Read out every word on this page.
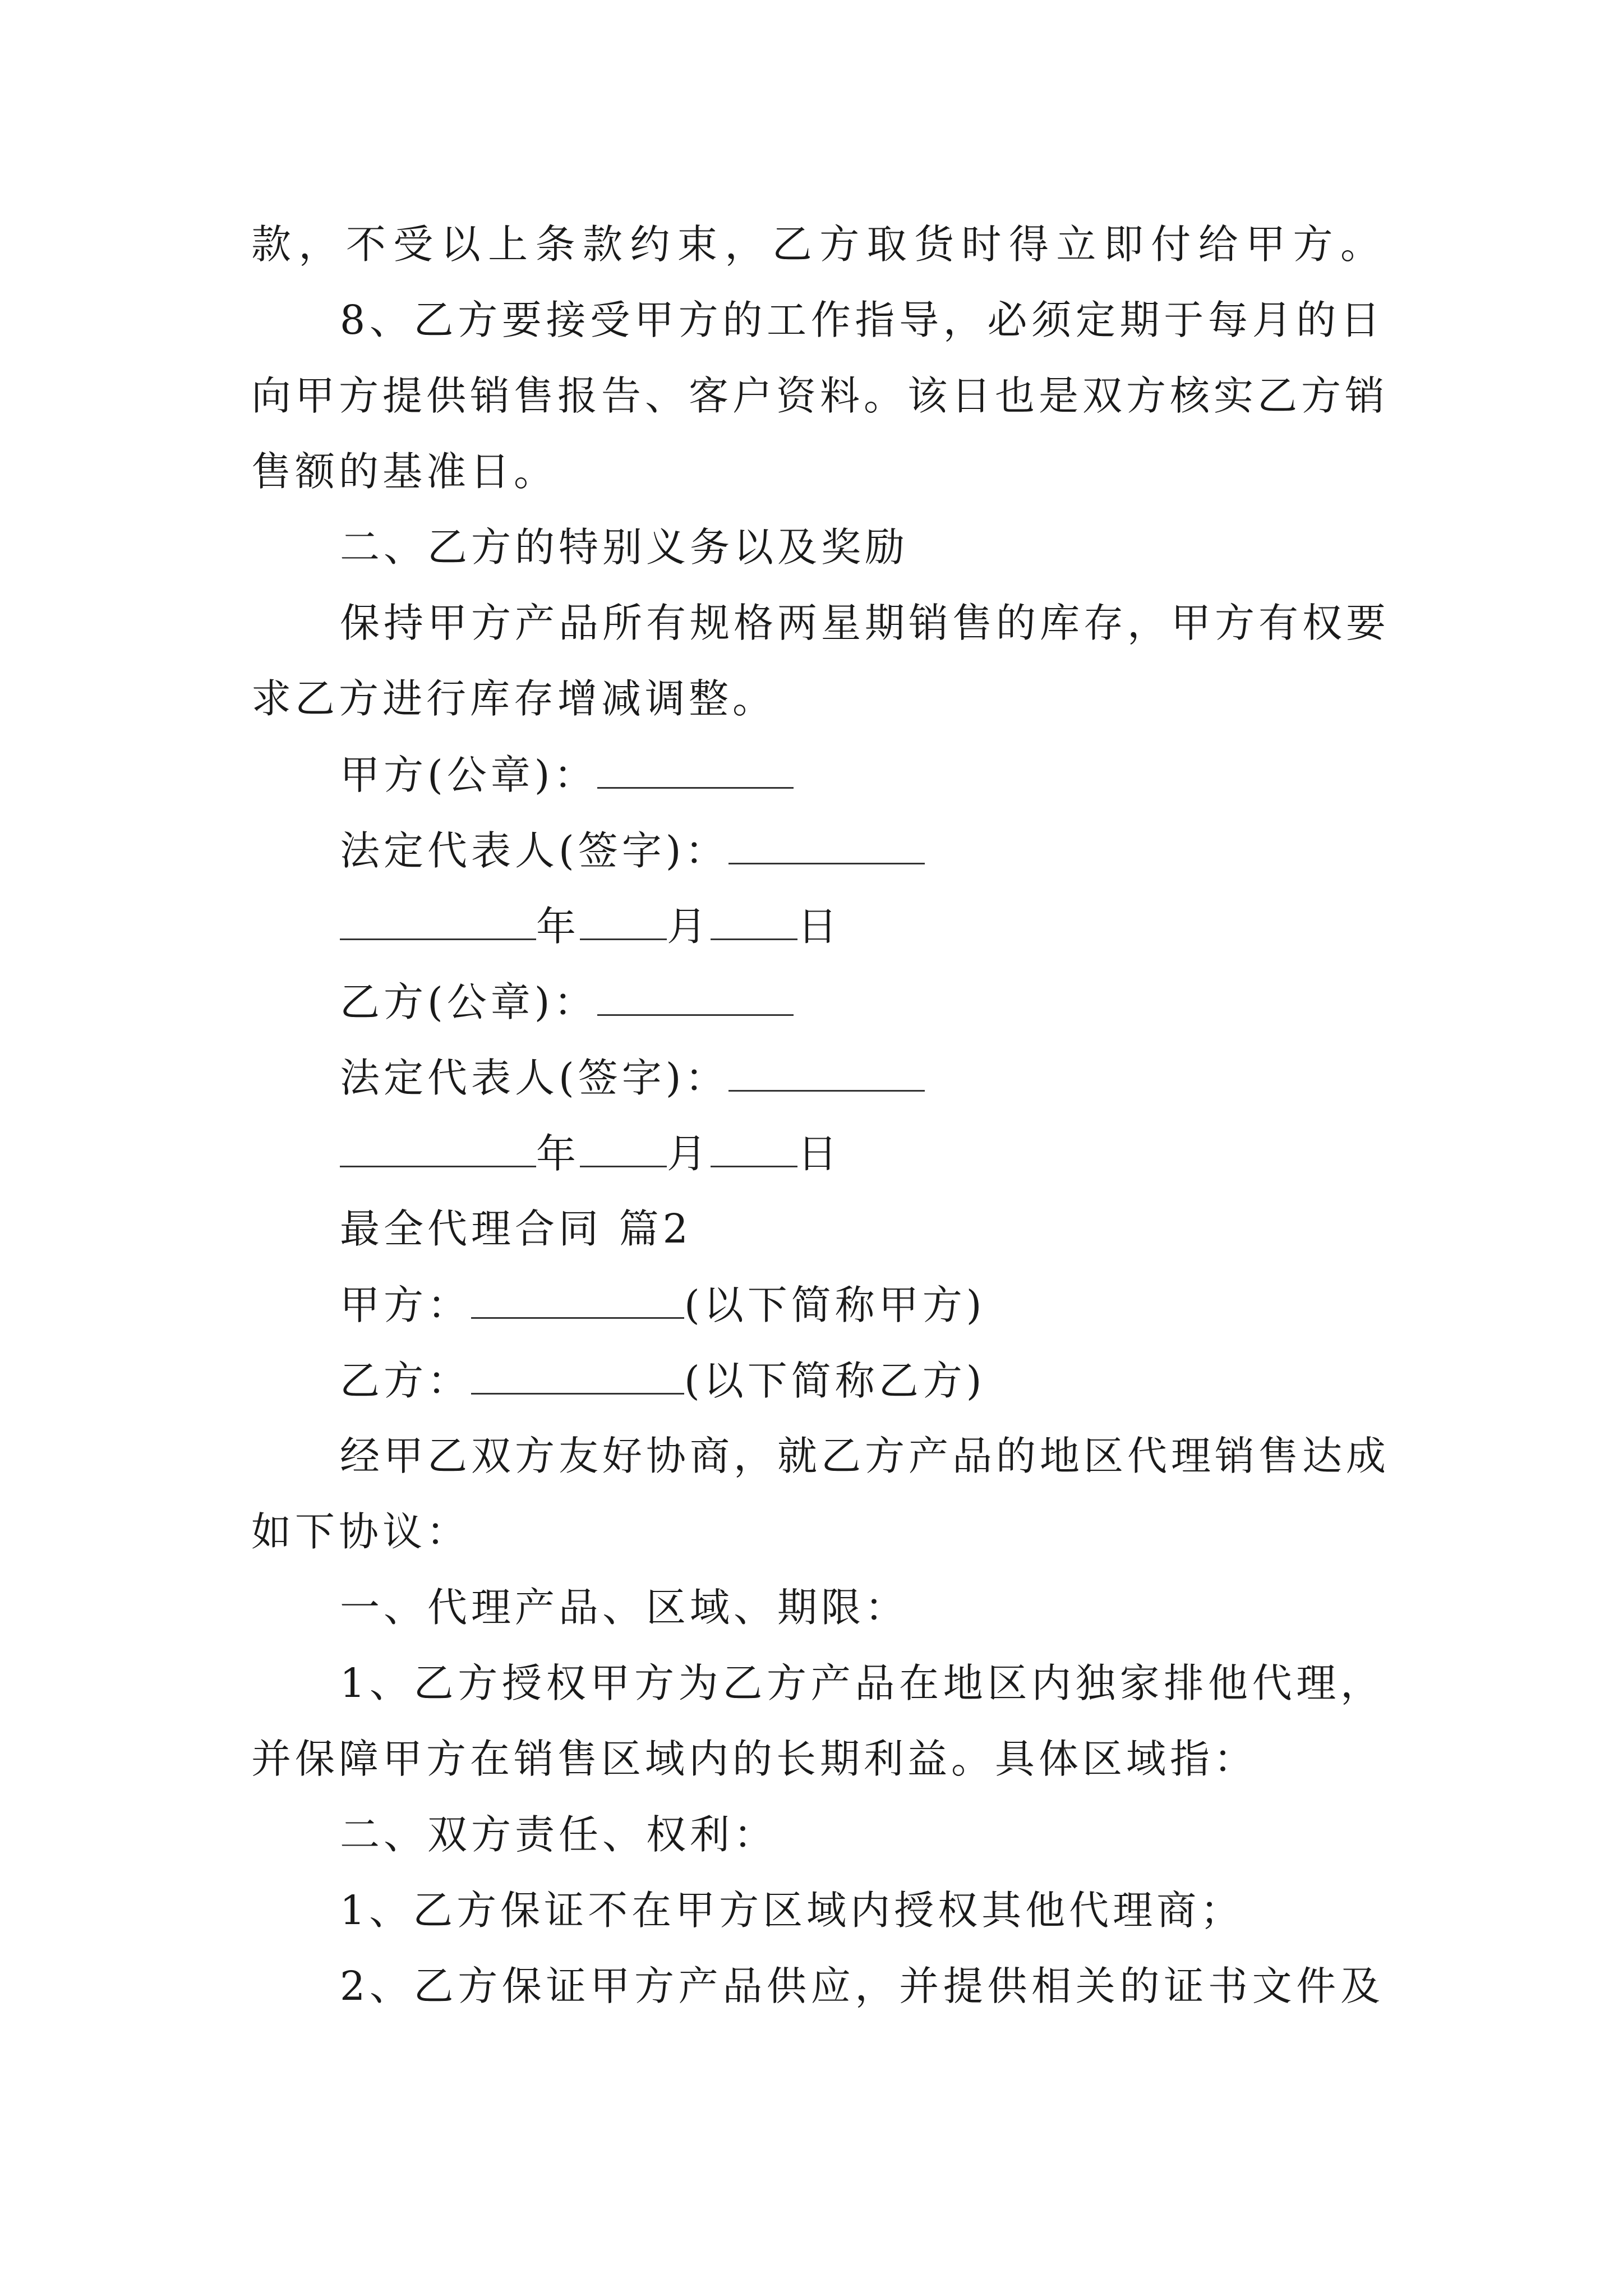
款，不受以上条款约束，乙方取货时得立即付给甲方。
8、乙方要接受甲方的工作指导，必须定期于每月的日
向甲方提供销售报告、客户资料。该日也是双方核实乙方销
售额的基准日。
二、乙方的特别义务以及奖励
保持甲方产品所有规格两星期销售的库存，甲方有权要
求乙方进行库存增减调整。
甲方(公章)：
法定代表人(签字)：
年 月 日
乙方(公章)：
法定代表人(签字)：
年 月 日
最全代理合同 篇2
甲方：	(以下简称甲方)
乙方：	(以下简称乙方)
经甲乙双方友好协商，就乙方产品的地区代理销售达成
如下协议：
一、代理产品、区域、期限：
1、乙方授权甲方为乙方产品在地区内独家排他代理，
并保障甲方在销售区域内的长期利益。具体区域指：
二、双方责任、权利：
1、乙方保证不在甲方区域内授权其他代理商；
2、乙方保证甲方产品供应，并提供相关的证书文件及
